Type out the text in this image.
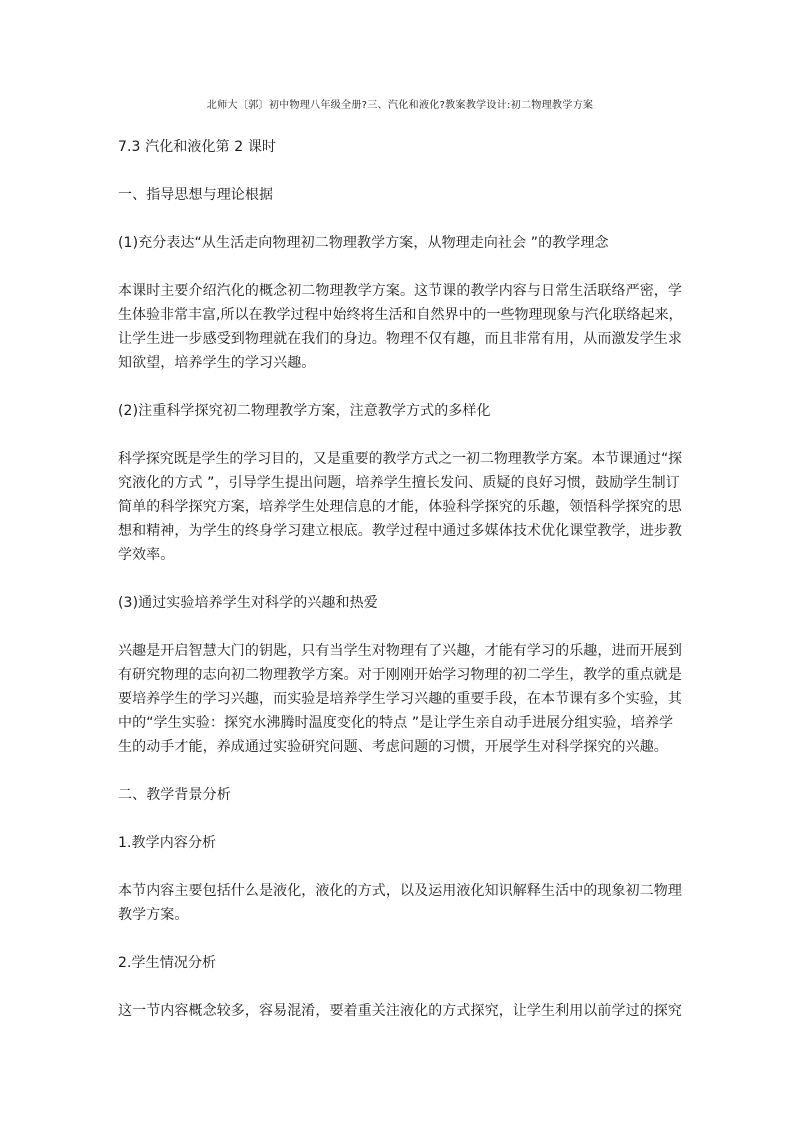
北师大〔郭〕初中物理八年级全册?三、汽化和液化?教案教学设计:初二物理教学方案
7.3 汽化和液化第 2 课时
一、指导思想与理论根据
(1)充分表达“从生活走向物理初二物理教学方案，从物理走向社会 ”的教学理念
本课时主要介绍汽化的概念初二物理教学方案。这节课的教学内容与日常生活联络严密，学
生体验非常丰富,所以在教学过程中始终将生活和自然界中的一些物理现象与汽化联络起来，
让学生进一步感受到物理就在我们的身边。物理不仅有趣，而且非常有用，从而激发学生求
知欲望，培养学生的学习兴趣。
(2)注重科学探究初二物理教学方案，注意教学方式的多样化
科学探究既是学生的学习目的，又是重要的教学方式之一初二物理教学方案。本节课通过“探
究液化的方式 ”，引导学生提出问题，培养学生擅长发问、质疑的良好习惯，鼓励学生制订
简单的科学探究方案，培养学生处理信息的才能，体验科学探究的乐趣，领悟科学探究的思
想和精神，为学生的终身学习建立根底。教学过程中通过多媒体技术优化课堂教学，进步教
学效率。
(3)通过实验培养学生对科学的兴趣和热爱
兴趣是开启智慧大门的钥匙，只有当学生对物理有了兴趣，才能有学习的乐趣，进而开展到
有研究物理的志向初二物理教学方案。对于刚刚开始学习物理的初二学生，教学的重点就是
要培养学生的学习兴趣，而实验是培养学生学习兴趣的重要手段，在本节课有多个实验，其
中的“学生实验：探究水沸腾时温度变化的特点 ”是让学生亲自动手进展分组实验，培养学
生的动手才能，养成通过实验研究问题、考虑问题的习惯，开展学生对科学探究的兴趣。
二、教学背景分析
1.教学内容分析
本节内容主要包括什么是液化，液化的方式，以及运用液化知识解释生活中的现象初二物理
教学方案。
2.学生情况分析
这一节内容概念较多，容易混淆，要着重关注液化的方式探究，让学生利用以前学过的探究
